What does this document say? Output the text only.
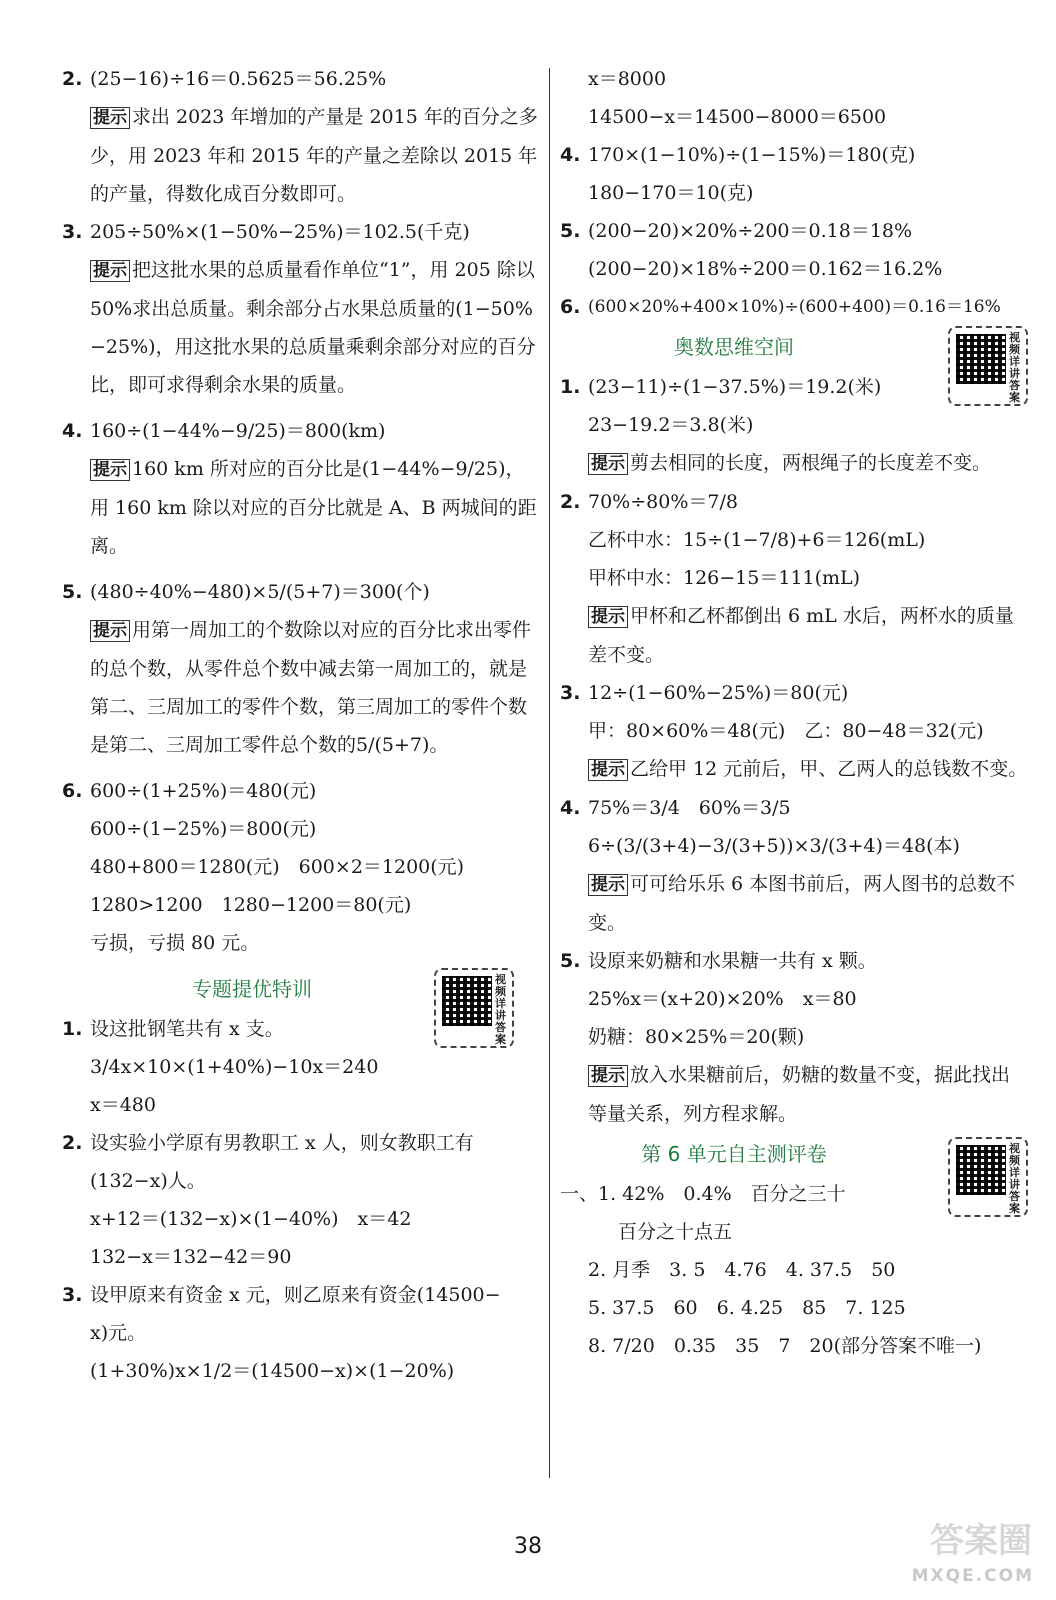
2. (25−16)÷16＝0.5625＝56.25%
提示 求出 2023 年增加的产量是 2015 年的百分之多少，用 2023 年和 2015 年的产量之差除以 2015 年的产量，得数化成百分数即可。
3. 205÷50%×(1−50%−25%)＝102.5(千克)
提示 把这批水果的总质量看作单位“1”，用 205 除以 50%求出总质量。剩余部分占水果总质量的(1−50%−25%)，用这批水果的总质量乘剩余部分对应的百分比，即可求得剩余水果的质量。
4. 160÷(1−44%−9/25)＝800(km)
提示 160 km 所对应的百分比是(1−44%−9/25)，用 160 km 除以对应的百分比就是 A、B 两城间的距离。
5. (480÷40%−480)×5/(5+7)＝300(个)
提示 用第一周加工的个数除以对应的百分比求出零件的总个数，从零件总个数中减去第一周加工的，就是第二、三周加工的零件个数，第三周加工的零件个数是第二、三周加工零件总个数的5/(5+7)。
6. 600÷(1+25%)＝480(元)
600÷(1−25%)＝800(元)
480+800＝1280(元)　600×2＝1200(元)
1280>1200　1280−1200＝80(元)
亏损，亏损 80 元。
专题提优特训	视频详讲答案
1. 设这批钢笔共有 x 支。
3/4x×10×(1+40%)−10x＝240
x＝480
2. 设实验小学原有男教职工 x 人，则女教职工有
(132−x)人。
x+12＝(132−x)×(1−40%)　x＝42
132−x＝132−42＝90
3. 设甲原来有资金 x 元，则乙原来有资金(14500−
x)元。
(1+30%)x×1/2＝(14500−x)×(1−20%)
x＝8000
14500−x＝14500−8000＝6500
4. 170×(1−10%)÷(1−15%)＝180(克)
180−170＝10(克)
5. (200−20)×20%÷200＝0.18＝18%
(200−20)×18%÷200＝0.162＝16.2%
6. (600×20%+400×10%)÷(600+400)＝0.16＝16%
奥数思维空间	视频详讲答案
1. (23−11)÷(1−37.5%)＝19.2(米)
23−19.2＝3.8(米)
提示 剪去相同的长度，两根绳子的长度差不变。
2. 70%÷80%＝7/8
乙杯中水：15÷(1−7/8)+6＝126(mL)
甲杯中水：126−15＝111(mL)
提示 甲杯和乙杯都倒出 6 mL 水后，两杯水的质量差不变。
3. 12÷(1−60%−25%)＝80(元)
甲：80×60%＝48(元)　乙：80−48＝32(元)
提示 乙给甲 12 元前后，甲、乙两人的总钱数不变。
4. 75%＝3/4　60%＝3/5
6÷(3/(3+4)−3/(3+5))×3/(3+4)＝48(本)
提示 可可给乐乐 6 本图书前后，两人图书的总数不变。
5. 设原来奶糖和水果糖一共有 x 颗。
25%x＝(x+20)×20%　x＝80
奶糖：80×25%＝20(颗)
提示 放入水果糖前后，奶糖的数量不变，据此找出等量关系，列方程求解。
第 6 单元自主测评卷	视频详讲答案
一、1. 42%　0.4%　百分之三十
百分之十点五
2. 月季　3. 5　4.76　4. 37.5　50
5. 37.5　60　6. 4.25　85　7. 125
8. 7/20　0.35　35　7　20(部分答案不唯一)
38	答案圈
MXQE.COM
